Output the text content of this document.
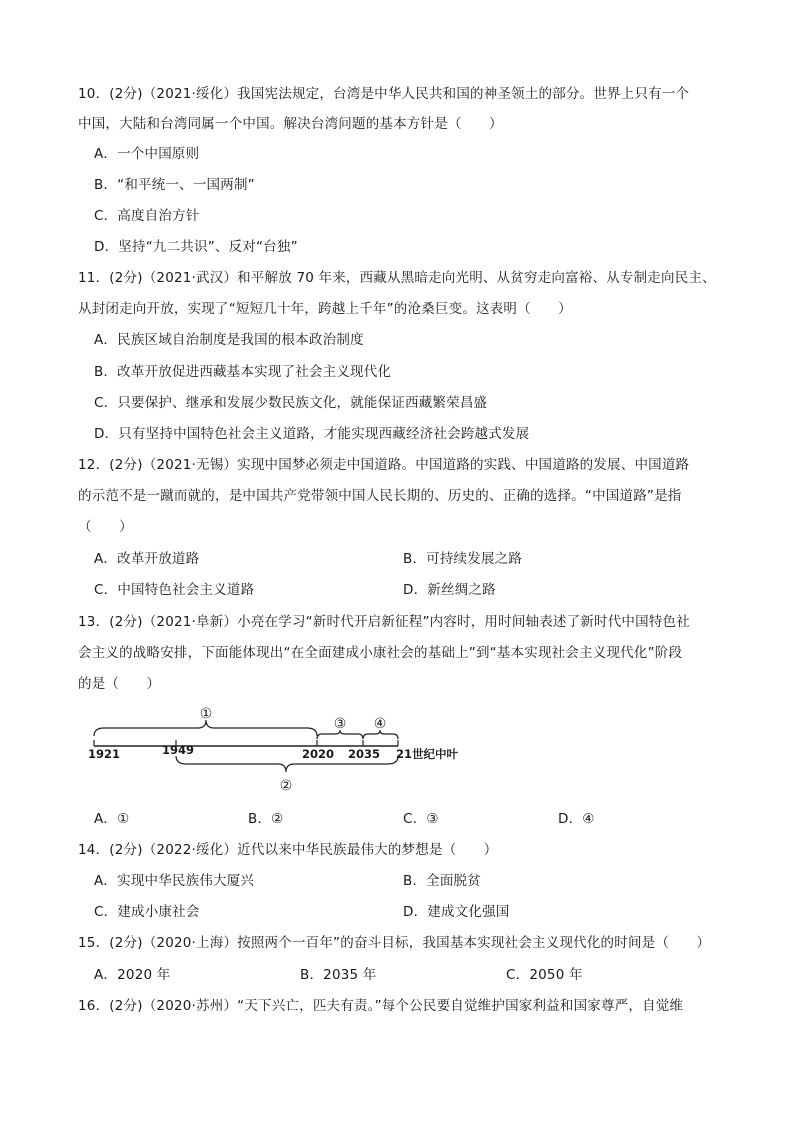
10．(2分)（2021·绥化）我国宪法规定，台湾是中华人民共和国的神圣领土的部分。世界上只有一个
中国，大陆和台湾同属一个中国。解决台湾问题的基本方针是（　　）
A．一个中国原则
B．“和平统一、一国两制”
C．高度自治方针
D．坚持“九二共识”、反对“台独”
11．(2分)（2021·武汉）和平解放 70 年来，西藏从黑暗走向光明、从贫穷走向富裕、从专制走向民主、
从封闭走向开放，实现了“短短几十年，跨越上千年”的沧桑巨变。这表明（　　）
A．民族区域自治制度是我国的根本政治制度
B．改革开放促进西藏基本实现了社会主义现代化
C．只要保护、继承和发展少数民族文化，就能保证西藏繁荣昌盛
D．只有坚持中国特色社会主义道路，才能实现西藏经济社会跨越式发展
12．(2分)（2021·无锡）实现中国梦必须走中国道路。中国道路的实践、中国道路的发展、中国道路
的示范不是一蹴而就的，是中国共产党带领中国人民长期的、历史的、正确的选择。“中国道路”是指
（　　）
A．改革开放道路	B．可持续发展之路
C．中国特色社会主义道路	D．新丝绸之路
13．(2分)（2021·阜新）小亮在学习“新时代开启新征程”内容时，用时间轴表述了新时代中国特色社
会主义的战略安排，下面能体现出“在全面建成小康社会的基础上”到“基本实现社会主义现代化”阶段
的是（　　）
①
②
③ ④
1921	1949	2020 2035 21世纪中叶
A．①	B．②	C．③	D．④
14．(2分)（2022·绥化）近代以来中华民族最伟大的梦想是（　　）
A．实现中华民族伟大厦兴	B．全面脱贫
C．建成小康社会	D．建成文化强国
15．(2分)（2020·上海）按照两个一百年”的奋斗目标，我国基本实现社会主义现代化的时间是（　　）
A．2020 年	B．2035 年	C．2050 年
16．(2分)（2020·苏州）“天下兴亡，匹夫有责。”每个公民要自觉维护国家利益和国家尊严，自觉维
